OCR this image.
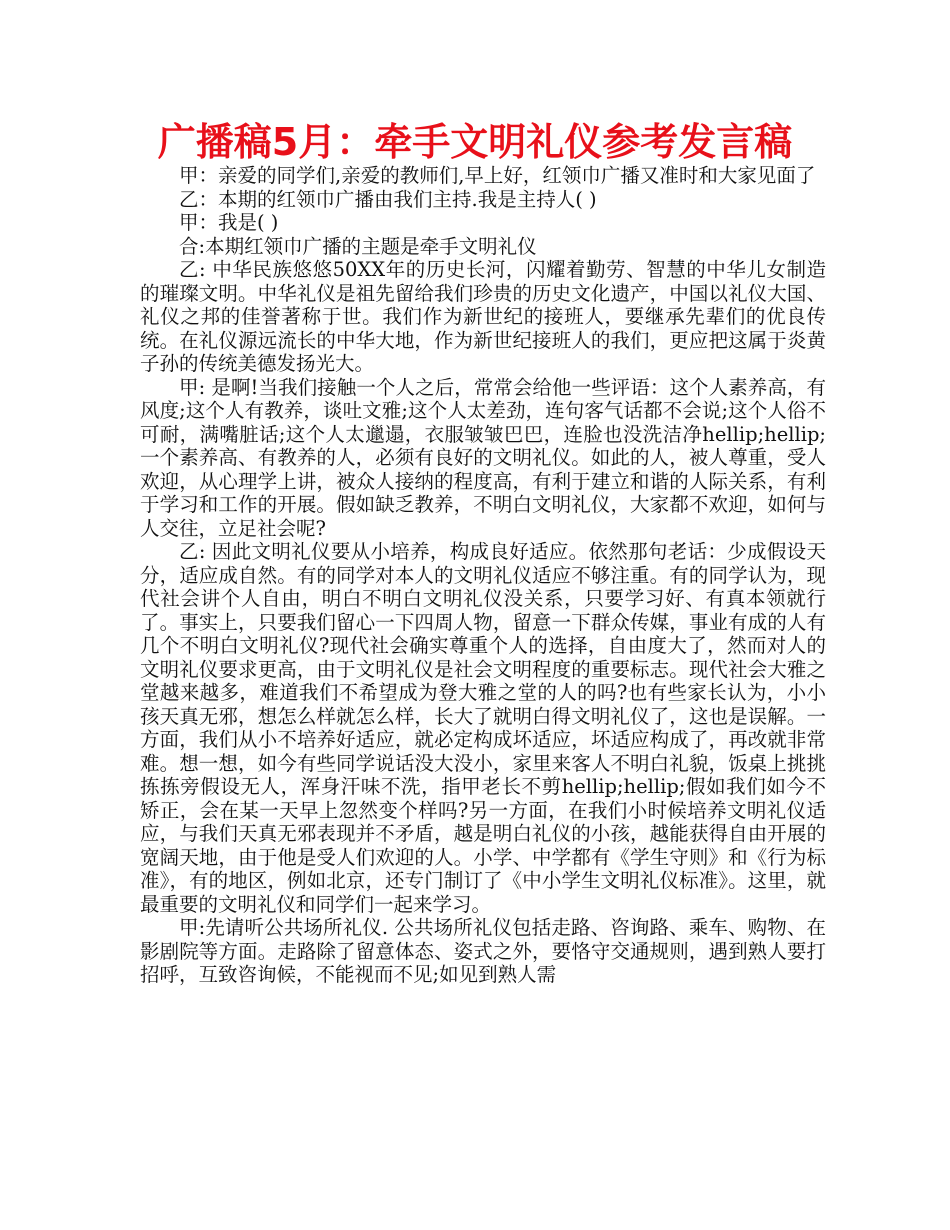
广播稿5月：牵手文明礼仪参考发言稿

甲：亲爱的同学们,亲爱的教师们,早上好，红领巾广播又准时和大家见面了

乙：本期的红领巾广播由我们主持.我是主持人( )

甲：我是( )

合:本期红领巾广播的主题是牵手文明礼仪

乙: 中华民族悠悠50XX年的历史长河，闪耀着勤劳、智慧的中华儿女制造的璀璨文明。中华礼仪是祖先留给我们珍贵的历史文化遗产，中国以礼仪大国、礼仪之邦的佳誉著称于世。我们作为新世纪的接班人，要继承先辈们的优良传统。在礼仪源远流长的中华大地，作为新世纪接班人的我们，更应把这属于炎黄子孙的传统美德发扬光大。

甲: 是啊!当我们接触一个人之后，常常会给他一些评语：这个人素养高，有风度;这个人有教养，谈吐文雅;这个人太差劲，连句客气话都不会说;这个人俗不可耐，满嘴脏话;这个人太邋遢，衣服皱皱巴巴，连脸也没洗洁净hellip;hellip;一个素养高、有教养的人，必须有良好的文明礼仪。如此的人，被人尊重，受人欢迎，从心理学上讲，被众人接纳的程度高，有利于建立和谐的人际关系，有利于学习和工作的开展。假如缺乏教养，不明白文明礼仪，大家都不欢迎，如何与人交往，立足社会呢?

乙: 因此文明礼仪要从小培养，构成良好适应。依然那句老话：少成假设天分，适应成自然。有的同学对本人的文明礼仪适应不够注重。有的同学认为，现代社会讲个人自由，明白不明白文明礼仪没关系，只要学习好、有真本领就行了。事实上，只要我们留心一下四周人物，留意一下群众传媒，事业有成的人有几个不明白文明礼仪?现代社会确实尊重个人的选择，自由度大了，然而对人的文明礼仪要求更高，由于文明礼仪是社会文明程度的重要标志。现代社会大雅之堂越来越多，难道我们不希望成为登大雅之堂的人的吗?也有些家长认为，小小孩天真无邪，想怎么样就怎么样，长大了就明白得文明礼仪了，这也是误解。一方面，我们从小不培养好适应，就必定构成坏适应，坏适应构成了，再改就非常难。想一想，如今有些同学说话没大没小，家里来客人不明白礼貌，饭桌上挑挑拣拣旁假设无人，浑身汗味不洗，指甲老长不剪hellip;hellip;假如我们如今不矫正，会在某一天早上忽然变个样吗?另一方面，在我们小时候培养文明礼仪适应，与我们天真无邪表现并不矛盾，越是明白礼仪的小孩，越能获得自由开展的宽阔天地，由于他是受人们欢迎的人。小学、中学都有《学生守则》和《行为标准》，有的地区，例如北京，还专门制订了《中小学生文明礼仪标准》。这里，就最重要的文明礼仪和同学们一起来学习。

甲:先请听公共场所礼仪. 公共场所礼仪包括走路、咨询路、乘车、购物、在影剧院等方面。走路除了留意体态、姿式之外，要恪守交通规则，遇到熟人要打招呼，互致咨询候，不能视而不见;如见到熟人需
